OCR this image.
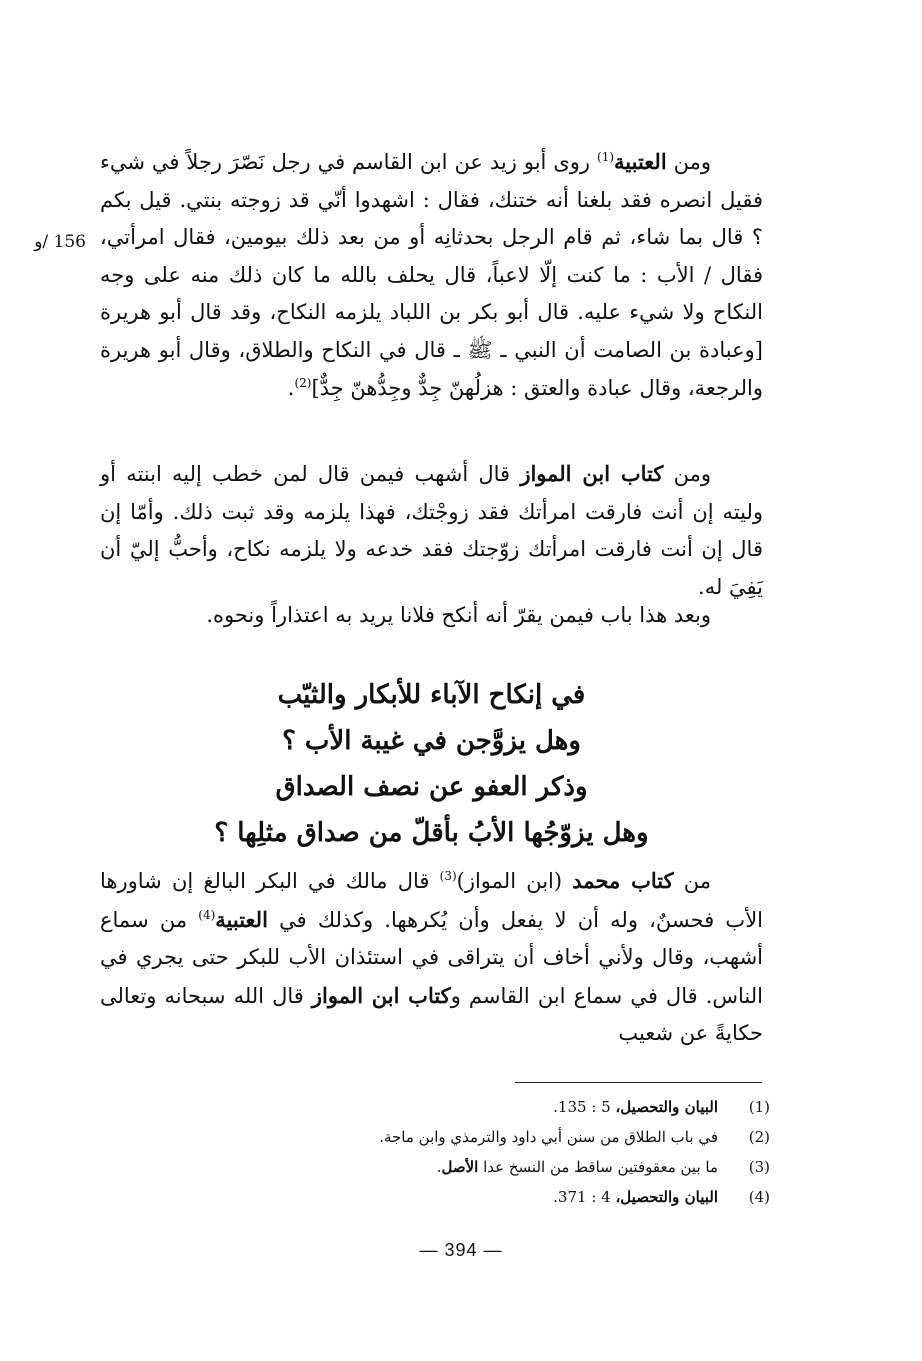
156 /و

ومن العتبية$^{(1)}$ روى أبو زيد عن ابن القاسم في رجل نَصّرَ رجلاً في شيء فقيل انصره فقد بلغنا أنه ختنك، فقال : اشهدوا أنّي قد زوجته بنتي. قيل بكم ؟ قال بما شاء، ثم قام الرجل بحدثانِه أو من بعد ذلك بيومين، فقال امرأتي، فقال / الأب : ما كنت إلّا لاعباً، قال يحلف بالله ما كان ذلك منه على وجه النكاح ولا شيء عليه. قال أبو بكر بن اللباد يلزمه النكاح، وقد قال أبو هريرة [وعبادة بن الصامت أن النبي ـ ﷺ ـ قال في النكاح والطلاق، وقال أبو هريرة والرجعة، وقال عبادة والعتق : هزلُهنّ جِدٌّ وجِدُّهنّ جِدٌّ]$^{(2)}$.

ومن كتاب ابن المواز قال أشهب فيمن قال لمن خطب إليه ابنته أو وليته إن أنت فارقت امرأتك فقد زوجْتك، فهذا يلزمه وقد ثبت ذلك. وأمّا إن قال إن أنت فارقت امرأتك زوّجتك فقد خدعه ولا يلزمه نكاح، وأحبُّ إليّ أن يَفِيَ له.

وبعد هذا باب فيمن يقرّ أنه أنكح فلانا يريد به اعتذاراً ونحوه.

في إنكاح الآباء للأبكار والثيّب
وهل يزوَّجن في غيبة الأب ؟
وذكر العفو عن نصف الصداق
وهل يزوّجُها الأبُ بأقلّ من صداق مثلِها ؟

من كتاب محمد (ابن المواز)$^{(3)}$ قال مالك في البكر البالغ إن شاورها الأب فحسنٌ، وله أن لا يفعل وأن يُكرهها. وكذلك في العتبية$^{(4)}$ من سماع أشهب، وقال ولأني أخاف أن يتراقى في استئذان الأب للبكر حتى يجري في الناس. قال في سماع ابن القاسم وكتاب ابن المواز قال الله سبحانه وتعالى حكايةً عن شعيب

(1)
البيان والتحصيل، 5 : 135.
(2)
في باب الطلاق من سنن أبي داود والترمذي وابن ماجة.
(3)
ما بين معقوفتين ساقط من النسخ عدا الأصل.
(4)
البيان والتحصيل، 4 : 371.
— 394 —
